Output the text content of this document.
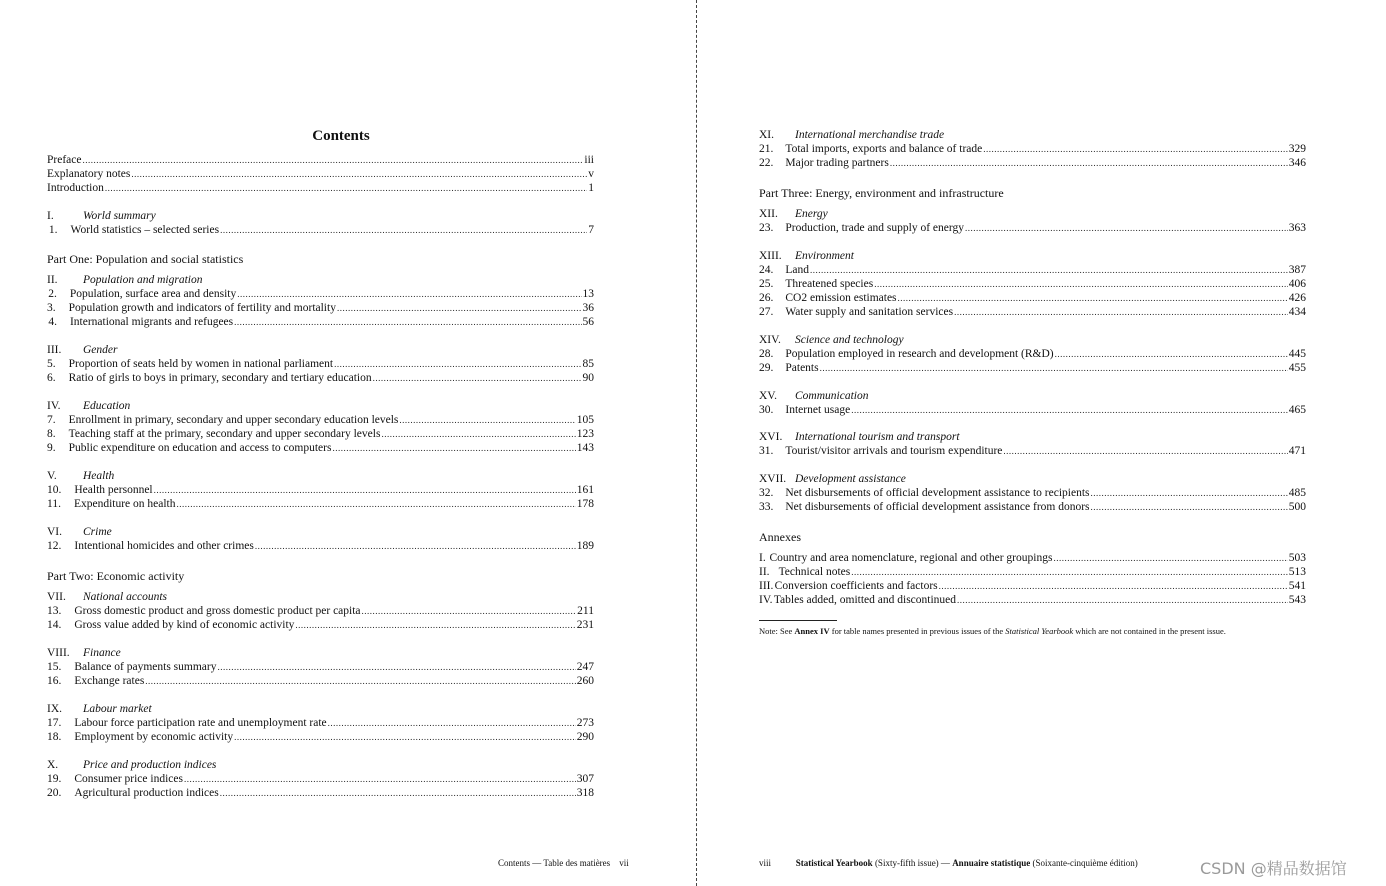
Contents
Preface .....	iii
Explanatory notes .....	v
Introduction .....	1
I.	World summary
1.	World statistics – selected series .....	7
Part One: Population and social statistics
II.	Population and migration
2.	Population, surface area and density .....	13
3.	Population growth and indicators of fertility and mortality .....	36
4.	International migrants and refugees .....	56
III.	Gender
5.	Proportion of seats held by women in national parliament .....	85
6.	Ratio of girls to boys in primary, secondary and tertiary education .....	90
IV.	Education
7.	Enrollment in primary, secondary and upper secondary education levels .....	105
8.	Teaching staff at the primary, secondary and upper secondary levels .....	123
9.	Public expenditure on education and access to computers .....	143
V.	Health
10.	Health personnel .....	161
11.	Expenditure on health .....	178
VI.	Crime
12.	Intentional homicides and other crimes .....	189
Part Two: Economic activity
VII.	National accounts
13.	Gross domestic product and gross domestic product per capita .....	211
14.	Gross value added by kind of economic activity .....	231
VIII.	Finance
15.	Balance of payments summary .....	247
16.	Exchange rates .....	260
IX.	Labour market
17.	Labour force participation rate and unemployment rate .....	273
18.	Employment by economic activity .....	290
X.	Price and production indices
19.	Consumer price indices .....	307
20.	Agricultural production indices .....	318
Contents — Table des matières vii
XI.	International merchandise trade
21.	Total imports, exports and balance of trade .....	329
22.	Major trading partners .....	346
Part Three: Energy, environment and infrastructure
XII.	Energy
23.	Production, trade and supply of energy .....	363
XIII.	Environment
24.	Land .....	387
25.	Threatened species .....	406
26.	CO2 emission estimates .....	426
27.	Water supply and sanitation services .....	434
XIV.	Science and technology
28.	Population employed in research and development (R&D) .....	445
29.	Patents .....	455
XV.	Communication
30.	Internet usage .....	465
XVI.	International tourism and transport
31.	Tourist/visitor arrivals and tourism expenditure .....	471
XVII. Development assistance
32.	Net disbursements of official development assistance to recipients .....	485
33.	Net disbursements of official development assistance from donors .....	500
Annexes
I. Country and area nomenclature, regional and other groupings .....	503
II. Technical notes .....	513
III. Conversion coefficients and factors .....	541
IV. Tables added, omitted and discontinued .....	543
Note: See Annex IV for table names presented in previous issues of the Statistical Yearbook which are not contained in the present issue.
viii	Statistical Yearbook (Sixty-fifth issue) — Annuaire statistique (Soixante-cinquième édition)	CSDN @精品数据馆
